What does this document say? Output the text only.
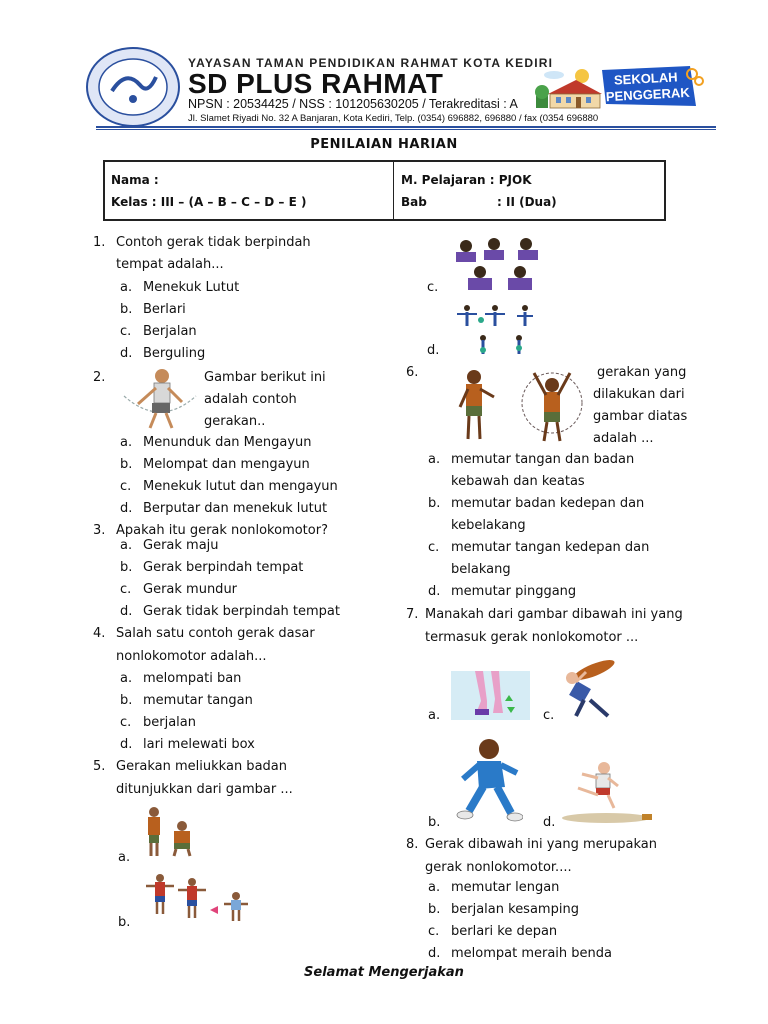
YAYASAN TAMAN PENDIDIKAN RAHMAT KOTA KEDIRI
SD PLUS RAHMAT
NPSN : 20534425 / NSS : 101205630205 / Terakreditasi : A
Jl. Slamet Riyadi No. 32 A Banjaran, Kota Kediri, Telp. (0354) 696882, 696880 / fax (0354 696880
SEKOLAH
PENGGERAK
PENILAIAN HARIAN
Nama :
Kelas : III – (A – B – C – D – E )
M. Pelajaran : PJOK
Bab	: II (Dua)
1. Contoh gerak tidak berpindah
tempat adalah...
a. Menekuk Lutut
b. Berlari
c. Berjalan
d. Berguling
2.	Gambar berikut ini
adalah contoh
gerakan..
a. Menunduk dan Mengayun
b. Melompat dan mengayun
c. Menekuk lutut dan mengayun
d. Berputar dan menekuk lutut
3. Apakah itu gerak nonlokomotor?
a. Gerak maju
b. Gerak berpindah tempat
c. Gerak mundur
d. Gerak tidak berpindah tempat
4. Salah satu contoh gerak dasar
nonlokomotor adalah...
a. melompati ban
b. memutar tangan
c. berjalan
d. lari melewati box
5. Gerakan meliukkan badan
ditunjukkan dari gambar ...
a.
b.
c.
d.
6.	gerakan yang
dilakukan dari
gambar diatas
adalah ...
a. memutar tangan dan badan
kebawah dan keatas
b. memutar badan kedepan dan
kebelakang
c. memutar tangan kedepan dan
belakang
d. memutar pinggang
7. Manakah dari gambar dibawah ini yang
termasuk gerak nonlokomotor ...
a.	c.
b.	d.
8. Gerak dibawah ini yang merupakan
gerak nonlokomotor....
a. memutar lengan
b. berjalan kesamping
c. berlari ke depan
d. melompat meraih benda
Selamat Mengerjakan
